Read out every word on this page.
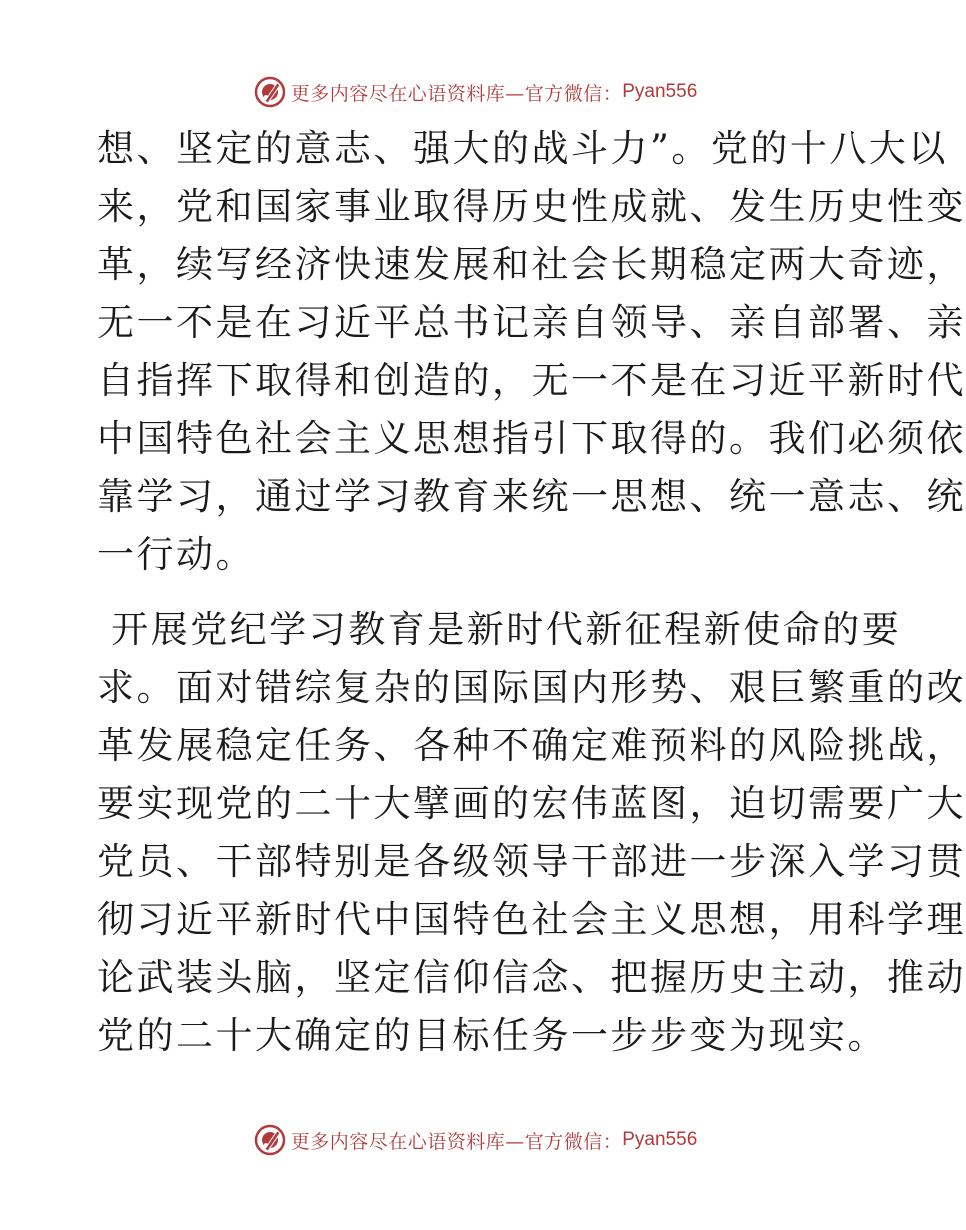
更多内容尽在心语资料库—官方微信： Pyan556
想、坚定的意志、强大的战斗力”。党的十八大以
来，党和国家事业取得历史性成就、发生历史性变
革，续写经济快速发展和社会长期稳定两大奇迹，
无一不是在习近平总书记亲自领导、亲自部署、亲
自指挥下取得和创造的，无一不是在习近平新时代
中国特色社会主义思想指引下取得的。我们必须依
靠学习，通过学习教育来统一思想、统一意志、统
一行动。
开展党纪学习教育是新时代新征程新使命的要
求。面对错综复杂的国际国内形势、艰巨繁重的改
革发展稳定任务、各种不确定难预料的风险挑战，
要实现党的二十大擘画的宏伟蓝图，迫切需要广大
党员、干部特别是各级领导干部进一步深入学习贯
彻习近平新时代中国特色社会主义思想，用科学理
论武装头脑，坚定信仰信念、把握历史主动，推动
党的二十大确定的目标任务一步步变为现实。
更多内容尽在心语资料库—官方微信： Pyan556
